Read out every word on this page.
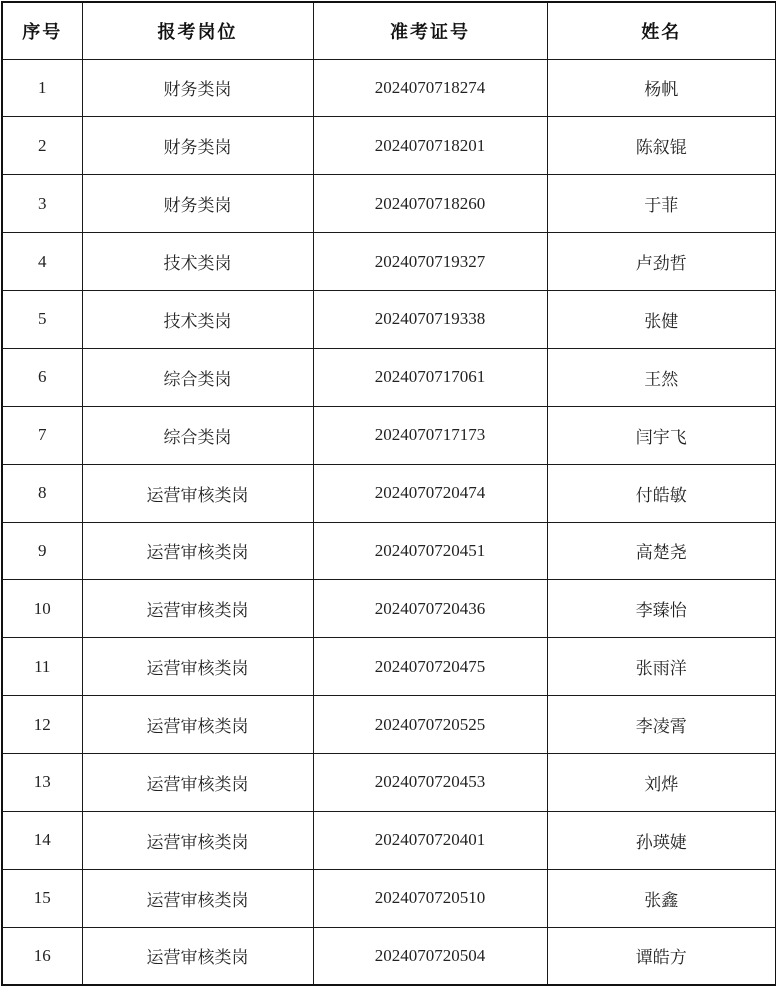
序号	报考岗位	准考证号	姓名
1	财务类岗	2024070718274	杨帆
2	财务类岗	2024070718201	陈叙锟
3	财务类岗	2024070718260	于菲
4	技术类岗	2024070719327	卢劲哲
5	技术类岗	2024070719338	张健
6	综合类岗	2024070717061	王然
7	综合类岗	2024070717173	闫宇飞
8	运营审核类岗	2024070720474	付皓敏
9	运营审核类岗	2024070720451	高楚尧
10	运营审核类岗	2024070720436	李臻怡
11	运营审核类岗	2024070720475	张雨洋
12	运营审核类岗	2024070720525	李凌霄
13	运营审核类岗	2024070720453	刘烨
14	运营审核类岗	2024070720401	孙瑛婕
15	运营审核类岗	2024070720510	张鑫
16	运营审核类岗	2024070720504	谭皓方
